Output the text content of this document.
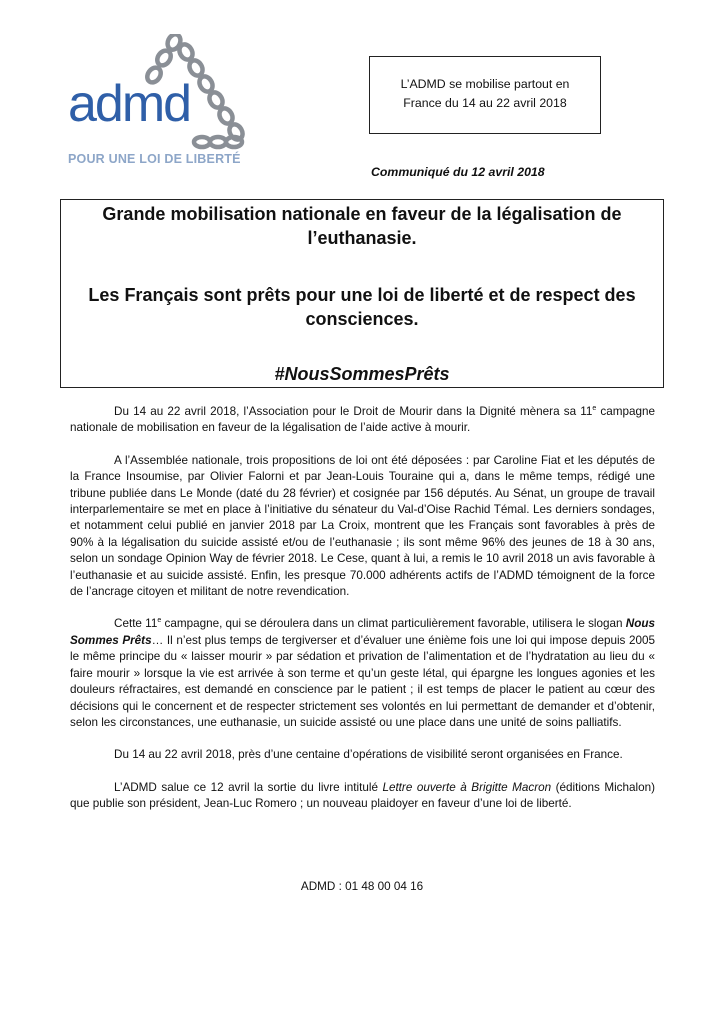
admd
POUR UNE LOI DE LIBERTÉ
L’ADMD se mobilise partout en
France du 14 au 22 avril 2018
Communiqué du 12 avril 2018

Grande mobilisation nationale en faveur de la légalisation de l’euthanasie.

Les Français sont prêts pour une loi de liberté et de respect des consciences.

#NousSommesPrêts

Du 14 au 22 avril 2018, l’Association pour le Droit de Mourir dans la Dignité mènera sa 11e campagne nationale de mobilisation en faveur de la légalisation de l’aide active à mourir.

A l’Assemblée nationale, trois propositions de loi ont été déposées : par Caroline Fiat et les députés de la France Insoumise, par Olivier Falorni et par Jean-Louis Touraine qui a, dans le même temps, rédigé une tribune publiée dans Le Monde (daté du 28 février) et cosignée par 156 députés. Au Sénat, un groupe de travail interparlementaire se met en place à l’initiative du sénateur du Val-d’Oise Rachid Témal. Les derniers sondages, et notamment celui publié en janvier 2018 par La Croix, montrent que les Français sont favorables à près de 90% à la légalisation du suicide assisté et/ou de l’euthanasie ; ils sont même 96% des jeunes de 18 à 30 ans, selon un sondage Opinion Way de février 2018. Le Cese, quant à lui, a remis le 10 avril 2018 un avis favorable à l’euthanasie et au suicide assisté. Enfin, les presque 70.000 adhérents actifs de l’ADMD témoignent de la force de l’ancrage citoyen et militant de notre revendication.

Cette 11e campagne, qui se déroulera dans un climat particulièrement favorable, utilisera le slogan Nous Sommes Prêts… Il n’est plus temps de tergiverser et d’évaluer une énième fois une loi qui impose depuis 2005 le même principe du « laisser mourir » par sédation et privation de l’alimentation et de l’hydratation au lieu du « faire mourir » lorsque la vie est arrivée à son terme et qu’un geste létal, qui épargne les longues agonies et les douleurs réfractaires, est demandé en conscience par le patient ; il est temps de placer le patient au cœur des décisions qui le concernent et de respecter strictement ses volontés en lui permettant de demander et d’obtenir, selon les circonstances, une euthanasie, un suicide assisté ou une place dans une unité de soins palliatifs.

Du 14 au 22 avril 2018, près d’une centaine d’opérations de visibilité seront organisées en France.

L’ADMD salue ce 12 avril la sortie du livre intitulé Lettre ouverte à Brigitte Macron (éditions Michalon) que publie son président, Jean-Luc Romero ; un nouveau plaidoyer en faveur d’une loi de liberté.

ADMD : 01 48 00 04 16
